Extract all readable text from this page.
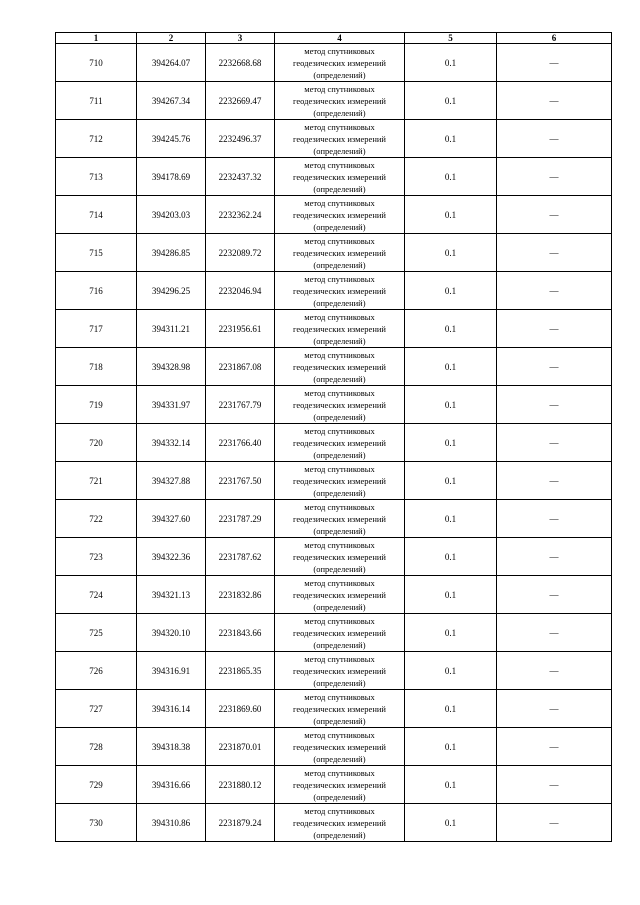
1	2	3	4	5	6
710	394264.07	2232668.68	метод спутниковых
геодезических измерений
(определений)	0.1	—
711	394267.34	2232669.47	метод спутниковых
геодезических измерений
(определений)	0.1	—
712	394245.76	2232496.37	метод спутниковых
геодезических измерений
(определений)	0.1	—
713	394178.69	2232437.32	метод спутниковых
геодезических измерений
(определений)	0.1	—
714	394203.03	2232362.24	метод спутниковых
геодезических измерений
(определений)	0.1	—
715	394286.85	2232089.72	метод спутниковых
геодезических измерений
(определений)	0.1	—
716	394296.25	2232046.94	метод спутниковых
геодезических измерений
(определений)	0.1	—
717	394311.21	2231956.61	метод спутниковых
геодезических измерений
(определений)	0.1	—
718	394328.98	2231867.08	метод спутниковых
геодезических измерений
(определений)	0.1	—
719	394331.97	2231767.79	метод спутниковых
геодезических измерений
(определений)	0.1	—
720	394332.14	2231766.40	метод спутниковых
геодезических измерений
(определений)	0.1	—
721	394327.88	2231767.50	метод спутниковых
геодезических измерений
(определений)	0.1	—
722	394327.60	2231787.29	метод спутниковых
геодезических измерений
(определений)	0.1	—
723	394322.36	2231787.62	метод спутниковых
геодезических измерений
(определений)	0.1	—
724	394321.13	2231832.86	метод спутниковых
геодезических измерений
(определений)	0.1	—
725	394320.10	2231843.66	метод спутниковых
геодезических измерений
(определений)	0.1	—
726	394316.91	2231865.35	метод спутниковых
геодезических измерений
(определений)	0.1	—
727	394316.14	2231869.60	метод спутниковых
геодезических измерений
(определений)	0.1	—
728	394318.38	2231870.01	метод спутниковых
геодезических измерений
(определений)	0.1	—
729	394316.66	2231880.12	метод спутниковых
геодезических измерений
(определений)	0.1	—
730	394310.86	2231879.24	метод спутниковых
геодезических измерений
(определений)	0.1	—
